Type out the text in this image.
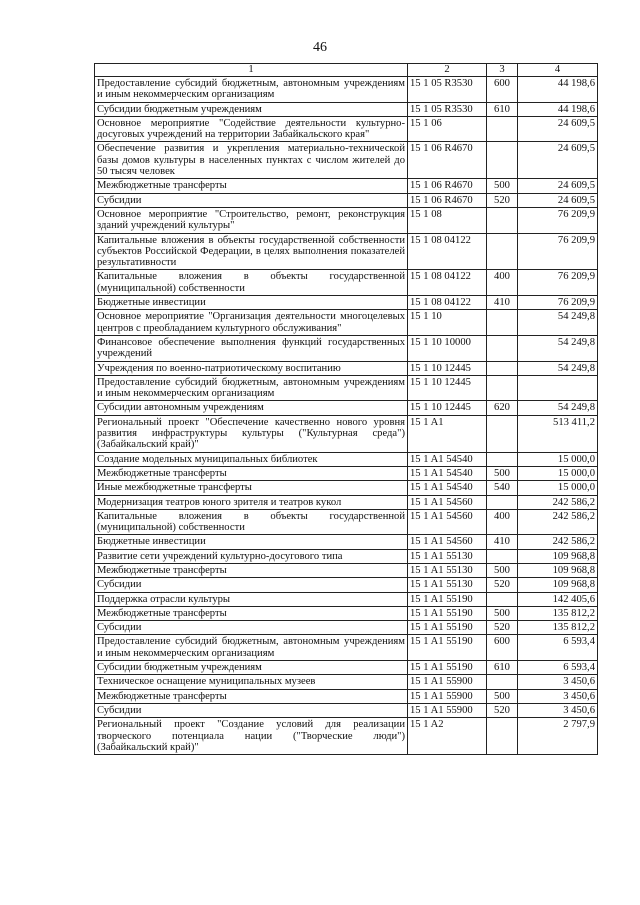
46
1	2	3	4
Предоставление субсидий бюджетным, автономным учреждениям и иным некоммерческим организациям	15 1 05 R3530	600	44 198,6
Субсидии бюджетным учреждениям	15 1 05 R3530	610	44 198,6
Основное мероприятие "Содействие деятельности культурно-досуговых учреждений на территории Забайкальского края"	15 1 06		24 609,5
Обеспечение развития и укрепления материально-технической базы домов культуры в населенных пунктах с числом жителей до 50 тысяч человек	15 1 06 R4670		24 609,5
Межбюджетные трансферты	15 1 06 R4670	500	24 609,5
Субсидии	15 1 06 R4670	520	24 609,5
Основное мероприятие "Строительство, ремонт, реконструкция зданий учреждений культуры"	15 1 08		76 209,9
Капитальные вложения в объекты государственной собственности субъектов Российской Федерации, в целях выполнения показателей результативности	15 1 08 04122		76 209,9
Капитальные вложения в объекты государственной (муниципальной) собственности	15 1 08 04122	400	76 209,9
Бюджетные инвестиции	15 1 08 04122	410	76 209,9
Основное мероприятие "Организация деятельности многоцелевых центров с преобладанием культурного обслуживания"	15 1 10		54 249,8
Финансовое обеспечение выполнения функций государственных учреждений	15 1 10 10000		54 249,8
Учреждения по военно-патриотическому воспитанию	15 1 10 12445		54 249,8
Предоставление субсидий бюджетным, автономным учреждениям и иным некоммерческим организациям	15 1 10 12445		
Субсидии автономным учреждениям	15 1 10 12445	620	54 249,8
Региональный проект "Обеспечение качественно нового уровня развития инфраструктуры культуры ("Культурная среда") (Забайкальский край)"	15 1 A1		513 411,2
Создание модельных муниципальных библиотек	15 1 A1 54540		15 000,0
Межбюджетные трансферты	15 1 A1 54540	500	15 000,0
Иные межбюджетные трансферты	15 1 A1 54540	540	15 000,0
Модернизация театров юного зрителя и театров кукол	15 1 A1 54560		242 586,2
Капитальные вложения в объекты государственной (муниципальной) собственности	15 1 A1 54560	400	242 586,2
Бюджетные инвестиции	15 1 A1 54560	410	242 586,2
Развитие сети учреждений культурно-досугового типа	15 1 A1 55130		109 968,8
Межбюджетные трансферты	15 1 A1 55130	500	109 968,8
Субсидии	15 1 A1 55130	520	109 968,8
Поддержка отрасли культуры	15 1 A1 55190		142 405,6
Межбюджетные трансферты	15 1 A1 55190	500	135 812,2
Субсидии	15 1 A1 55190	520	135 812,2
Предоставление субсидий бюджетным, автономным учреждениям и иным некоммерческим организациям	15 1 A1 55190	600	6 593,4
Субсидии бюджетным учреждениям	15 1 A1 55190	610	6 593,4
Техническое оснащение муниципальных музеев	15 1 A1 55900		3 450,6
Межбюджетные трансферты	15 1 A1 55900	500	3 450,6
Субсидии	15 1 A1 55900	520	3 450,6
Региональный проект "Создание условий для реализации творческого потенциала нации ("Творческие люди") (Забайкальский край)"	15 1 A2		2 797,9
